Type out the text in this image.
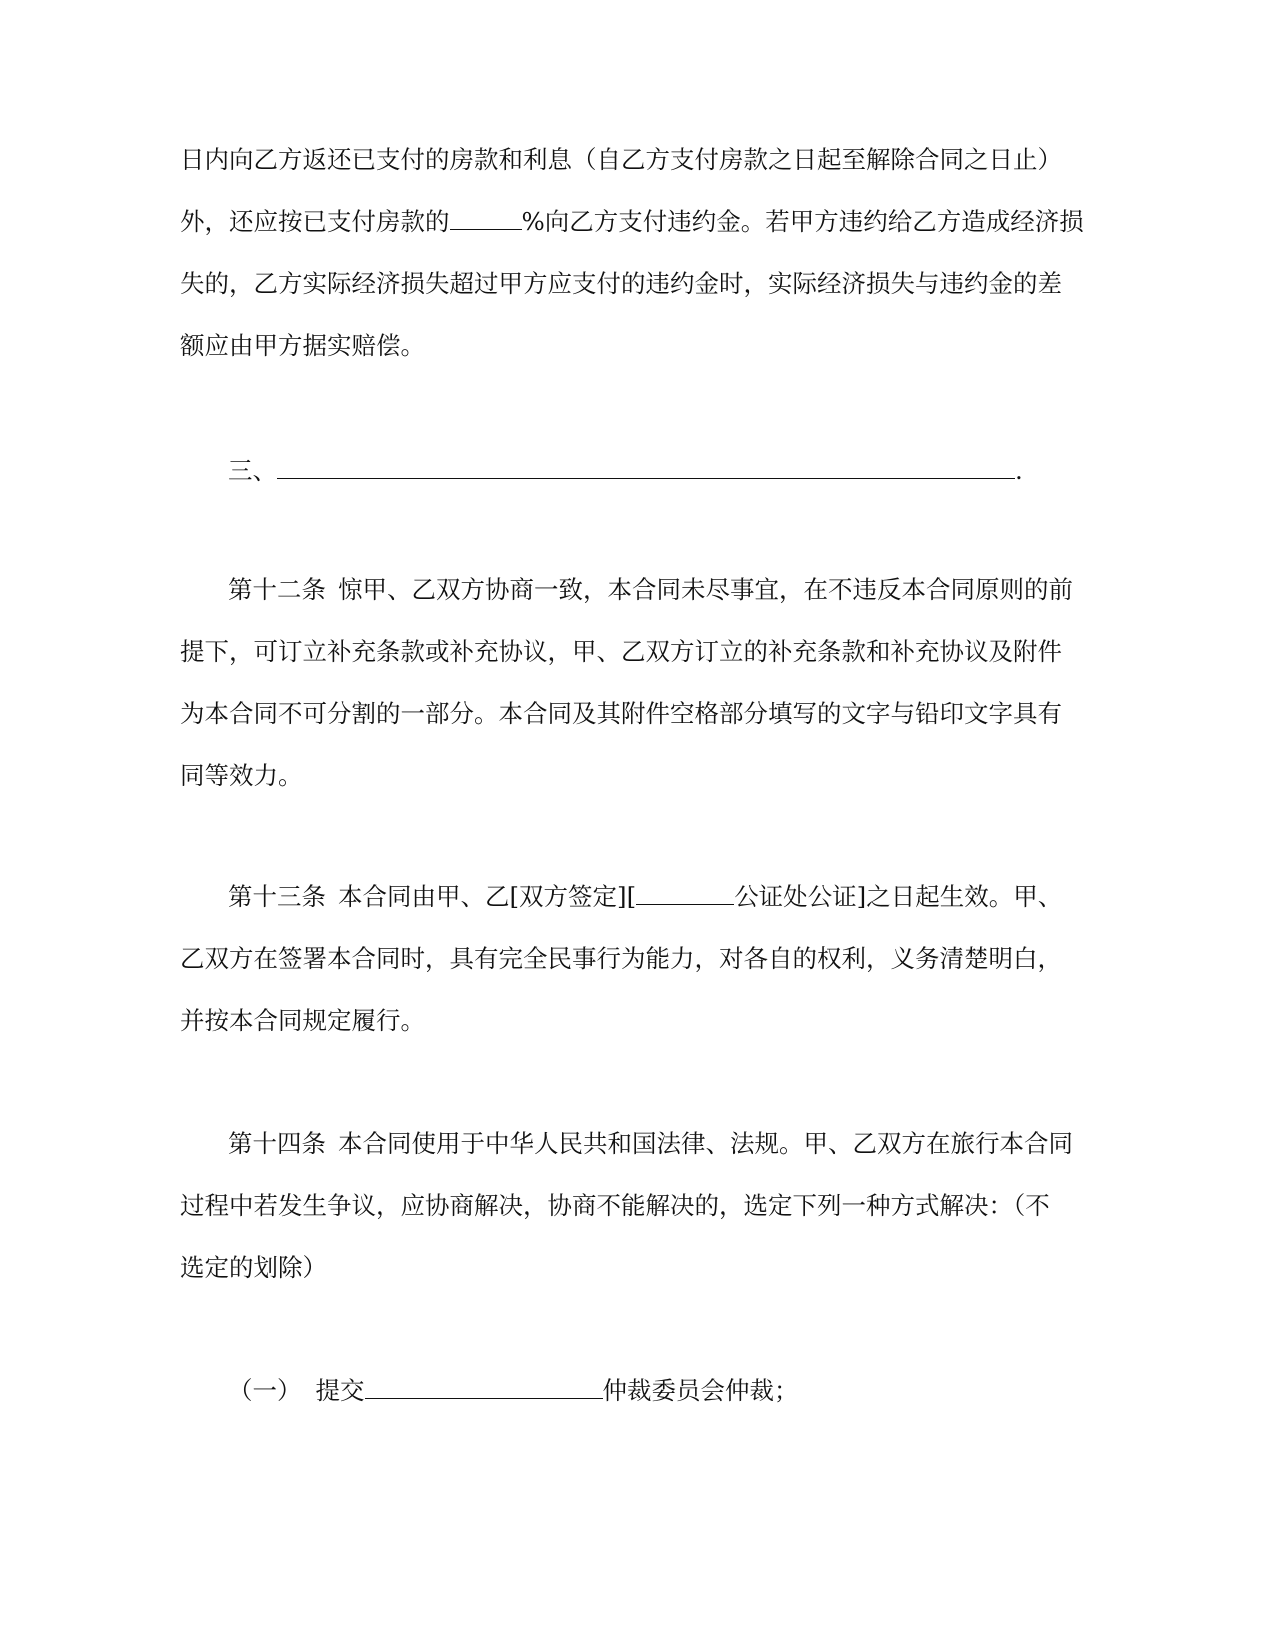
日内向乙方返还已支付的房款和利息（自乙方支付房款之日起至解除合同之日止）
外，还应按已支付房款的	%向乙方支付违约金。若甲方违约给乙方造成经济损
失的，乙方实际经济损失超过甲方应支付的违约金时，实际经济损失与违约金的差
额应由甲方据实赔偿。
三、	.
第十二条 惊甲、乙双方协商一致，本合同未尽事宜，在不违反本合同原则的前
提下，可订立补充条款或补充协议，甲、乙双方订立的补充条款和补充协议及附件
为本合同不可分割的一部分。本合同及其附件空格部分填写的文字与铅印文字具有
同等效力。
第十三条 本合同由甲、乙[双方签定][	公证处公证]之日起生效。甲、
乙双方在签署本合同时，具有完全民事行为能力，对各自的权利，义务清楚明白，
并按本合同规定履行。
第十四条 本合同使用于中华人民共和国法律、法规。甲、乙双方在旅行本合同
过程中若发生争议，应协商解决，协商不能解决的，选定下列一种方式解决：（不
选定的划除）
（一） 提交	仲裁委员会仲裁；
